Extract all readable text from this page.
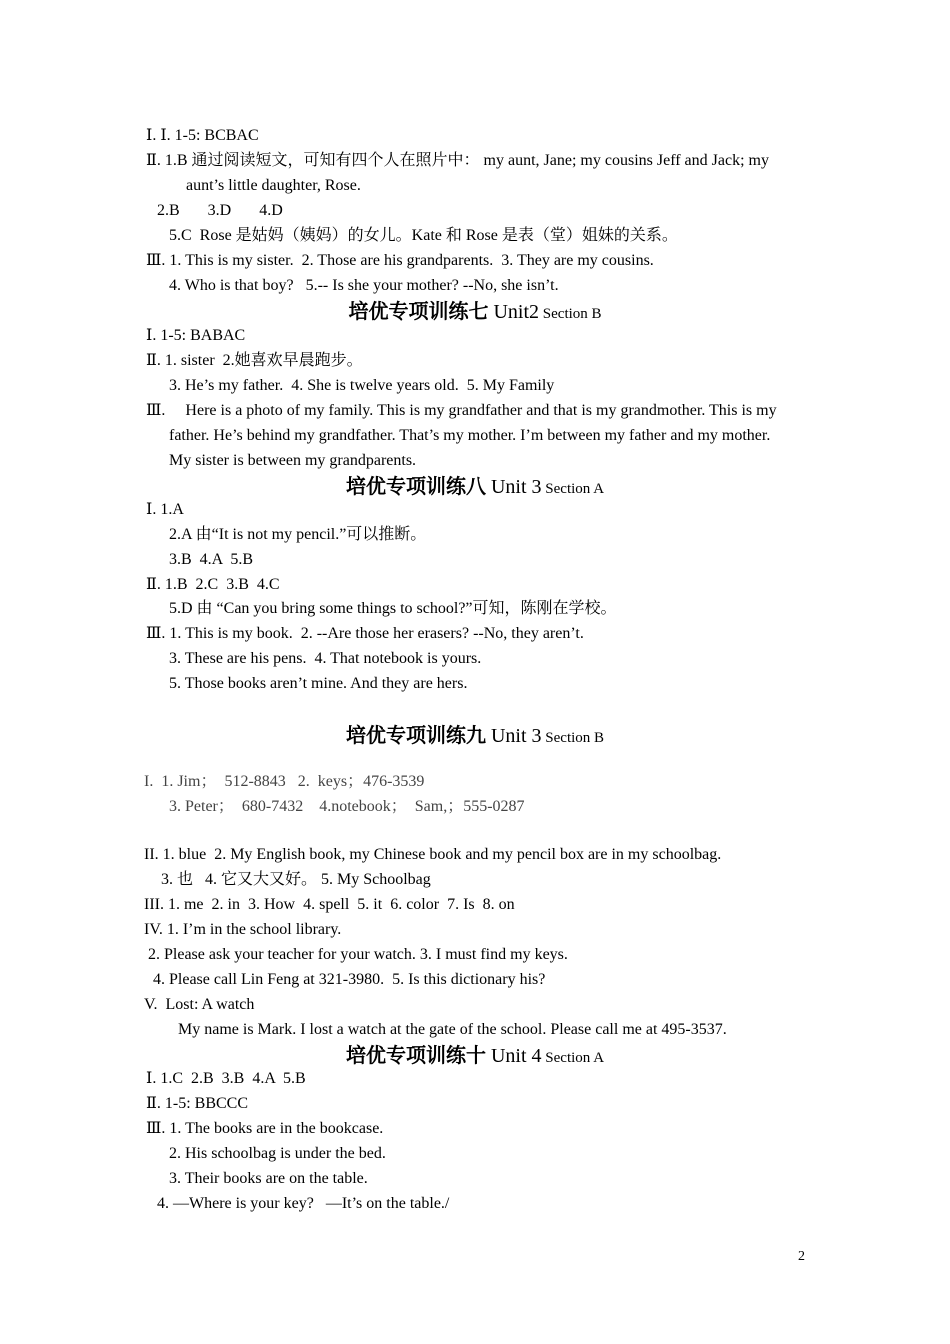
Ⅰ. Ⅰ. 1-5: BCBAC
Ⅱ. 1.B 通过阅读短文，可知有四个人在照片中： my aunt, Jane; my cousins Jeff and Jack; my
aunt’s little daughter, Rose.
2.B       3.D       4.D
5.C  Rose 是姑妈（姨妈）的女儿。Kate 和 Rose 是表（堂）姐妹的关系。
Ⅲ. 1. This is my sister.  2. Those are his grandparents.  3. They are my cousins.
4. Who is that boy?   5.-- Is she your mother? --No, she isn’t.
培优专项训练七 Unit2 Section B
Ⅰ. 1-5: BABAC
Ⅱ. 1. sister  2.她喜欢早晨跑步。
3. He’s my father.  4. She is twelve years old.  5. My Family
Ⅲ.     Here is a photo of my family. This is my grandfather and that is my grandmother. This is my
father. He’s behind my grandfather. That’s my mother. I’m between my father and my mother.
My sister is between my grandparents.
培优专项训练八 Unit 3 Section A
Ⅰ. 1.A
2.A 由“It is not my pencil.”可以推断。
3.B  4.A  5.B
Ⅱ. 1.B  2.C  3.B  4.C
5.D 由 “Can you bring some things to school?”可知，陈刚在学校。
Ⅲ. 1. This is my book.  2. --Are those her erasers? --No, they aren’t.
3. These are his pens.  4. That notebook is yours.
5. Those books aren’t mine. And they are hers.
培优专项训练九 Unit 3 Section B
I.  1. Jim；  512-8843   2.  keys；476-3539
3. Peter；  680-7432    4.notebook；  Sam,；555-0287
II. 1. blue  2. My English book, my Chinese book and my pencil box are in my schoolbag.
3. 也   4. 它又大又好。 5. My Schoolbag
III. 1. me  2. in  3. How  4. spell  5. it  6. color  7. Is  8. on
IV. 1. I’m in the school library.
2. Please ask your teacher for your watch. 3. I must find my keys.
4. Please call Lin Feng at 321-3980.  5. Is this dictionary his?
V.  Lost: A watch
My name is Mark. I lost a watch at the gate of the school. Please call me at 495-3537.
培优专项训练十 Unit 4 Section A
Ⅰ. 1.C  2.B  3.B  4.A  5.B
Ⅱ. 1-5: BBCCC
Ⅲ. 1. The books are in the bookcase.
2. His schoolbag is under the bed.
3. Their books are on the table.
4. —Where is your key?   —It’s on the table./
2
